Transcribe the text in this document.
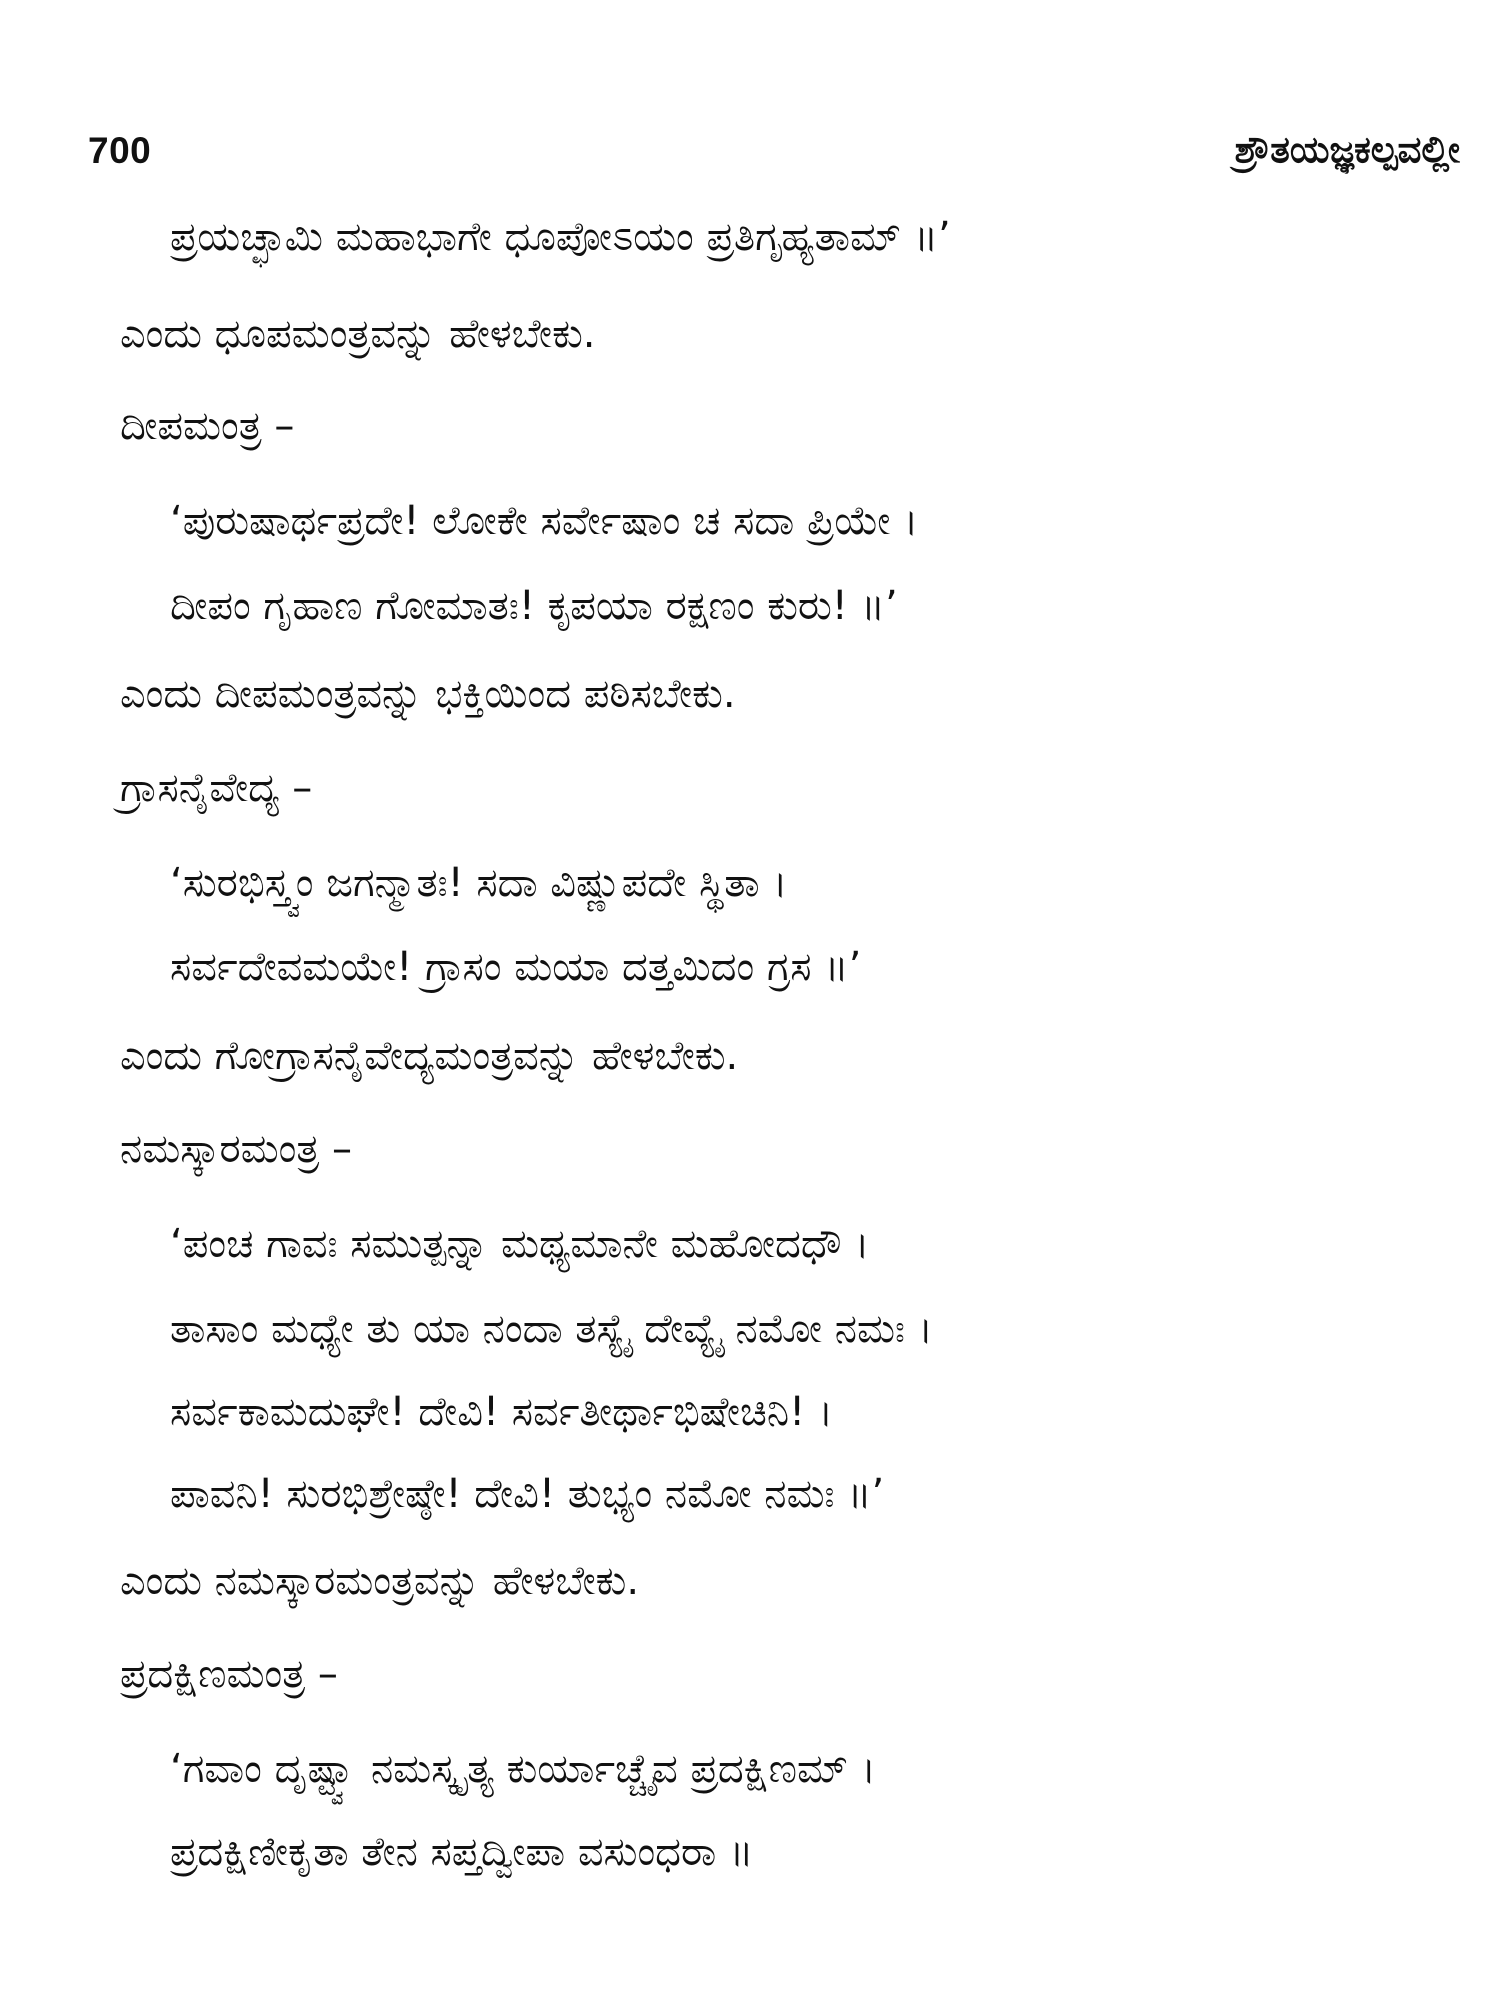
700	ಶ್ರೌತಯಜ್ಞಕಲ್ಪವಲ್ಲೀ
ಪ್ರಯಚ್ಛಾಮಿ ಮಹಾಭಾಗೇ ಧೂಪೋಽಯಂ ಪ್ರತಿಗೃಹ್ಯತಾಮ್ ॥’
ಎಂದು ಧೂಪಮಂತ್ರವನ್ನು ಹೇಳಬೇಕು.
ದೀಪಮಂತ್ರ –
‘ಪುರುಷಾರ್ಥಪ್ರದೇ! ಲೋಕೇ ಸರ್ವೇಷಾಂ ಚ ಸದಾ ಪ್ರಿಯೇ ।
ದೀಪಂ ಗೃಹಾಣ ಗೋಮಾತಃ! ಕೃಪಯಾ ರಕ್ಷಣಂ ಕುರು! ॥’
ಎಂದು ದೀಪಮಂತ್ರವನ್ನು ಭಕ್ತಿಯಿಂದ ಪಠಿಸಬೇಕು.
ಗ್ರಾಸನೈವೇದ್ಯ –
‘ಸುರಭಿಸ್ತ್ವಂ ಜಗನ್ಮಾತಃ! ಸದಾ ವಿಷ್ಣುಪದೇ ಸ್ಥಿತಾ ।
ಸರ್ವದೇವಮಯೇ! ಗ್ರಾಸಂ ಮಯಾ ದತ್ತಮಿದಂ ಗ್ರಸ ॥’
ಎಂದು ಗೋಗ್ರಾಸನೈವೇದ್ಯಮಂತ್ರವನ್ನು ಹೇಳಬೇಕು.
ನಮಸ್ಕಾರಮಂತ್ರ –
‘ಪಂಚ ಗಾವಃ ಸಮುತ್ಪನ್ನಾ ಮಥ್ಯಮಾನೇ ಮಹೋದಧೌ ।
ತಾಸಾಂ ಮಧ್ಯೇ ತು ಯಾ ನಂದಾ ತಸ್ಯೈ ದೇವ್ಯೈ ನಮೋ ನಮಃ ।
ಸರ್ವಕಾಮದುಘೇ! ದೇವಿ! ಸರ್ವತೀರ್ಥಾಭಿಷೇಚಿನಿ! ।
ಪಾವನಿ! ಸುರಭಿಶ್ರೇಷ್ಠೇ! ದೇವಿ! ತುಭ್ಯಂ ನಮೋ ನಮಃ ॥’
ಎಂದು ನಮಸ್ಕಾರಮಂತ್ರವನ್ನು ಹೇಳಬೇಕು.
ಪ್ರದಕ್ಷಿಣಮಂತ್ರ –
‘ಗವಾಂ ದೃಷ್ಟ್ವಾ ನಮಸ್ಕೃತ್ಯ ಕುರ್ಯಾಚ್ಚೈವ ಪ್ರದಕ್ಷಿಣಮ್ ।
ಪ್ರದಕ್ಷಿಣೀಕೃತಾ ತೇನ ಸಪ್ತದ್ವೀಪಾ ವಸುಂಧರಾ ॥
